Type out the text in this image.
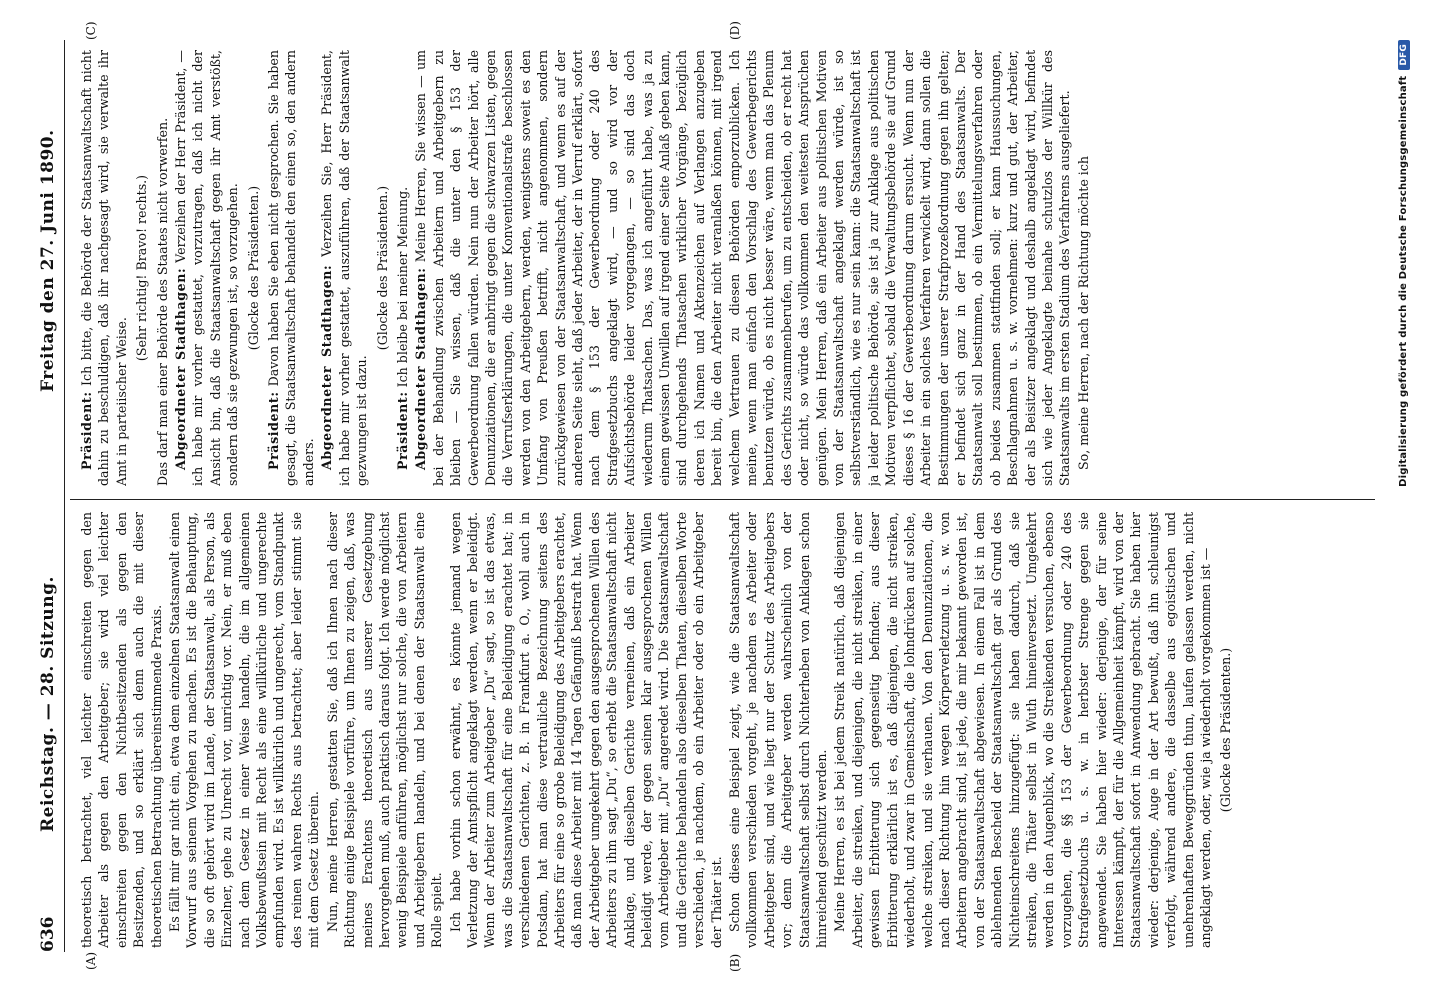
636
Reichstag. — 28. Sitzung.
Freitag den 27. Juni 1890.
(A)	(B)
(C)	(D)

theoretisch betrachtet, viel leichter einschreiten gegen den Arbeiter als gegen den Arbeitgeber; sie wird viel leichter einschreiten gegen den Nichtbesitzenden als gegen den Besitzenden, und so erklärt sich denn auch die mit dieser theoretischen Betrachtung übereinstimmende Praxis. Es fällt mir gar nicht ein, etwa dem einzelnen Staatsanwalt einen Vorwurf aus seinem Vorgehen zu machen. Es ist die Behauptung, die so oft gehört wird im Lande, der Staatsanwalt, als Person, als Einzelner, gehe zu Unrecht vor, unrichtig vor. Nein, er muß eben nach dem Gesetz in einer Weise handeln, die im allgemeinen Volksbewußtsein mit Recht als eine willkürliche und ungerechte empfunden wird. Es ist willkürlich und ungerecht, vom Standpunkt des reinen wahren Rechts aus betrachtet; aber leider stimmt sie mit dem Gesetz überein. Nun, meine Herren, gestatten Sie, daß ich Ihnen nach dieser Richtung einige Beispiele vorführe, um Ihnen zu zeigen, daß, was meines Erachtens theoretisch aus unserer Gesetzgebung hervorgehen muß, auch praktisch daraus folgt. Ich werde möglichst wenig Beispiele anführen, möglichst nur solche, die von Arbeitern und Arbeitgebern handeln, und bei denen der Staatsanwalt eine Rolle spielt. Ich habe vorhin schon erwähnt, es könnte jemand wegen Verletzung der Amtspflicht angeklagt werden, wenn er beleidigt. Wenn der Arbeiter zum Arbeitgeber „Du“ sagt, so ist das etwas, was die Staatsanwaltschaft für eine Beleidigung erachtet hat; in verschiedenen Gerichten, z. B. in Frankfurt a. O., wohl auch in Potsdam, hat man diese vertrauliche Bezeichnung seitens des Arbeiters für eine so grobe Beleidigung des Arbeitgebers erachtet, daß man diese Arbeiter mit 14 Tagen Gefängniß bestraft hat. Wenn der Arbeitgeber umgekehrt gegen den ausgesprochenen Willen des Arbeiters zu ihm sagt „Du“, so erhebt die Staatsanwaltschaft nicht Anklage, und dieselben Gerichte verneinen, daß ein Arbeiter beleidigt werde, der gegen seinen klar ausgesprochenen Willen vom Arbeitgeber mit „Du“ angeredet wird. Die Staatsanwaltschaft und die Gerichte behandeln also dieselben Thaten, dieselben Worte verschieden, je nachdem, ob ein Arbeiter oder ob ein Arbeitgeber der Thäter ist. Schon dieses eine Beispiel zeigt, wie die Staatsanwaltschaft vollkommen verschieden vorgeht, je nachdem es Arbeiter oder Arbeitgeber sind, und wie liegt nur der Schutz des Arbeitgebers vor; denn die Arbeitgeber werden wahrscheinlich von der Staatsanwaltschaft selbst durch Nichterheben von Anklagen schon hinreichend geschützt werden. Meine Herren, es ist bei jedem Streik natürlich, daß diejenigen Arbeiter, die streiken, und diejenigen, die nicht streiken, in einer gewissen Erbitterung sich gegenseitig befinden; aus dieser Erbitterung erklärlich ist es, daß diejenigen, die nicht streiken, wiederholt, und zwar in Gemeinschaft, die lohndrücken auf solche, welche streiken, und sie verhauen. Von den Denunziationen, die nach dieser Richtung hin wegen Körperverletzung u. s. w. von Arbeitern angebracht sind, ist jede, die mir bekannt geworden ist, von der Staatsanwaltschaft abgewiesen. In einem Fall ist in dem ablehnenden Bescheid der Staatsanwaltschaft gar als Grund des Nichteinschreitens hinzugefügt: sie haben dadurch, daß sie streiken, die Thäter selbst in Wuth hineinversetzt. Umgekehrt werden in den Augenblick, wo die Streikenden versuchen, ebenso vorzugehen, die §§ 153 der Gewerbeordnung oder 240 des Strafgesetzbuchs u. s. w. in herbster Strenge gegen sie angewendet. Sie haben hier wieder: derjenige, der für seine Interessen kämpft, der für die Allgemeinheit kämpft, wird von der Staatsanwaltschaft sofort in Anwendung gebracht. Sie haben hier wieder: derjenige, Auge in der Art bewußt, daß ihn schleunigst verfolgt, während andere, die dasselbe aus egoistischen und unehrenhaften Beweggründen thun, laufen gelassen werden, nicht angeklagt werden, oder, wie ja wiederholt vorgekommen ist — (Glocke des Präsidenten.)

Präsident: Ich bitte, die Behörde der Staatsanwaltschaft nicht dahin zu beschuldigen, daß ihr nachgesagt wird, sie verwalte ihr Amt in parteiischer Weise.

(Sehr richtig! Bravo! rechts.) Das darf man einer Behörde des Staates nicht vorwerfen. Abgeordneter Stadthagen: Verzeihen der Herr Präsident, — ich habe mir vorher gestattet, vorzutragen, daß ich nicht der Ansicht bin, daß die Staatsanwaltschaft gegen ihr Amt verstößt, sondern daß sie gezwungen ist, so vorzugehen. (Glocke des Präsidenten.)

Präsident: Davon haben Sie eben nicht gesprochen. Sie haben gesagt, die Staatsanwaltschaft behandelt den einen so, den andern anders. Abgeordneter Stadthagen: Verzeihen Sie, Herr Präsident, ich habe mir vorher gestattet, auszuführen, daß der Staatsanwalt gezwungen ist dazu.

(Glocke des Präsidenten.)

Präsident: Ich bleibe bei meiner Meinung. Abgeordneter Stadthagen: Meine Herren, Sie wissen — um bei der Behandlung zwischen Arbeitern und Arbeitgebern zu bleiben — Sie wissen, daß die unter den § 153 der Gewerbeordnung fallen würden. Nein nun der Arbeiter hört, alle Denunziationen, die er anbringt gegen die schwarzen Listen, gegen die Verrufserklärungen, die unter Konventionalstrafe beschlossen werden von den Arbeitgebern, werden, wenigstens soweit es den Umfang von Preußen betrifft, nicht angenommen, sondern zurückgewiesen von der Staatsanwaltschaft, und wenn es auf der anderen Seite sieht, daß jeder Arbeiter, der in Verruf erklärt, sofort nach dem § 153 der Gewerbeordnung oder 240 des Strafgesetzbuchs angeklagt wird, — und so wird vor der Aufsichtsbehörde leider vorgegangen, — so sind das doch wiederum Thatsachen. Das, was ich angeführt habe, was ja zu einem gewissen Unwillen auf irgend einer Seite Anlaß geben kann, sind durchgehends Thatsachen wirklicher Vorgänge, bezüglich deren ich Namen und Aktenzeichen auf Verlangen anzugeben bereit bin, die den Arbeiter nicht veranlaßen können, mit irgend welchem Vertrauen zu diesen Behörden emporzublicken. Ich meine, wenn man einfach den Vorschlag des Gewerbegerichts benutzen würde, ob es nicht besser wäre, wenn man das Plenum des Gerichts zusammenberufen, um zu entscheiden, ob er recht hat oder nicht, so würde das vollkommen den weitesten Ansprüchen genügen. Mein Herren, daß ein Arbeiter aus politischen Motiven von der Staatsanwaltschaft angeklagt werden würde, ist so selbstverständlich, wie es nur sein kann: die Staatsanwaltschaft ist ja leider politische Behörde, sie ist ja zur Anklage aus politischen Motiven verpflichtet, sobald die Verwaltungsbehörde sie auf Grund dieses § 16 der Gewerbeordnung darum ersucht. Wenn nun der Arbeiter in ein solches Verfahren verwickelt wird, dann sollen die Bestimmungen der unserer Strafprozeßordnung gegen ihn gelten; er befindet sich ganz in der Hand des Staatsanwalts. Der Staatsanwalt soll bestimmen, ob ein Vermittelungsverfahren oder ob beides zusammen stattfinden soll; er kann Haussuchungen, Beschlagnahmen u. s. w. vornehmen: kurz und gut, der Arbeiter, der als Beisitzer angeklagt und deshalb angeklagt wird, befindet sich wie jeder Angeklagte beinahe schutzlos der Willkür des Staatsanwalts im ersten Stadium des Verfahrens ausgeliefert. So, meine Herren, nach der Richtung möchte ich	Digitalisierung gefördert durch die Deutsche ForschungsgemeinschaftDFG
